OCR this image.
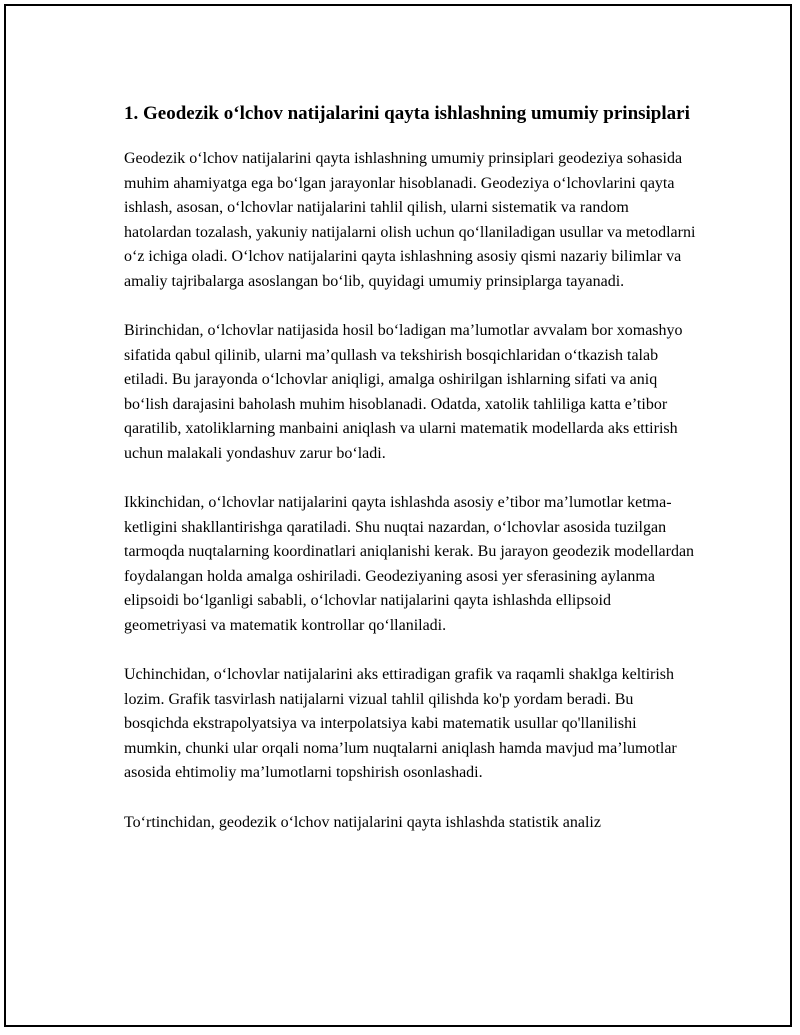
1. Geodezik o‘lchov natijalarini qayta ishlashning umumiy prinsiplari

Geodezik o‘lchov natijalarini qayta ishlashning umumiy prinsiplari geodeziya sohasida muhim ahamiyatga ega bo‘lgan jarayonlar hisoblanadi. Geodeziya o‘lchovlarini qayta ishlash, asosan, o‘lchovlar natijalarini tahlil qilish, ularni sistematik va random hatolardan tozalash, yakuniy natijalarni olish uchun qo‘llaniladigan usullar va metodlarni o‘z ichiga oladi. O‘lchov natijalarini qayta ishlashning asosiy qismi nazariy bilimlar va amaliy tajribalarga asoslangan bo‘lib, quyidagi umumiy prinsiplarga tayanadi.

Birinchidan, o‘lchovlar natijasida hosil bo‘ladigan ma’lumotlar avvalam bor xomashyo sifatida qabul qilinib, ularni ma’qullash va tekshirish bosqichlaridan o‘tkazish talab etiladi. Bu jarayonda o‘lchovlar aniqligi, amalga oshirilgan ishlarning sifati va aniq bo‘lish darajasini baholash muhim hisoblanadi. Odatda, xatolik tahliliga katta e’tibor qaratilib, xatoliklarning manbaini aniqlash va ularni matematik modellarda aks ettirish uchun malakali yondashuv zarur bo‘ladi.

Ikkinchidan, o‘lchovlar natijalarini qayta ishlashda asosiy e’tibor ma’lumotlar ketma-ketligini shakllantirishga qaratiladi. Shu nuqtai nazardan, o‘lchovlar asosida tuzilgan tarmoqda nuqtalarning koordinatlari aniqlanishi kerak. Bu jarayon geodezik modellardan foydalangan holda amalga oshiriladi. Geodeziyaning asosi yer sferasining aylanma elipsoidi bo‘lganligi sababli, o‘lchovlar natijalarini qayta ishlashda ellipsoid geometriyasi va matematik kontrollar qo‘llaniladi.

Uchinchidan, o‘lchovlar natijalarini aks ettiradigan grafik va raqamli shaklga keltirish lozim. Grafik tasvirlash natijalarni vizual tahlil qilishda ko'p yordam beradi. Bu bosqichda ekstrapolyatsiya va interpolatsiya kabi matematik usullar qo'llanilishi mumkin, chunki ular orqali noma’lum nuqtalarni aniqlash hamda mavjud ma’lumotlar asosida ehtimoliy ma’lumotlarni topshirish osonlashadi.

To‘rtinchidan, geodezik o‘lchov natijalarini qayta ishlashda statistik analiz
